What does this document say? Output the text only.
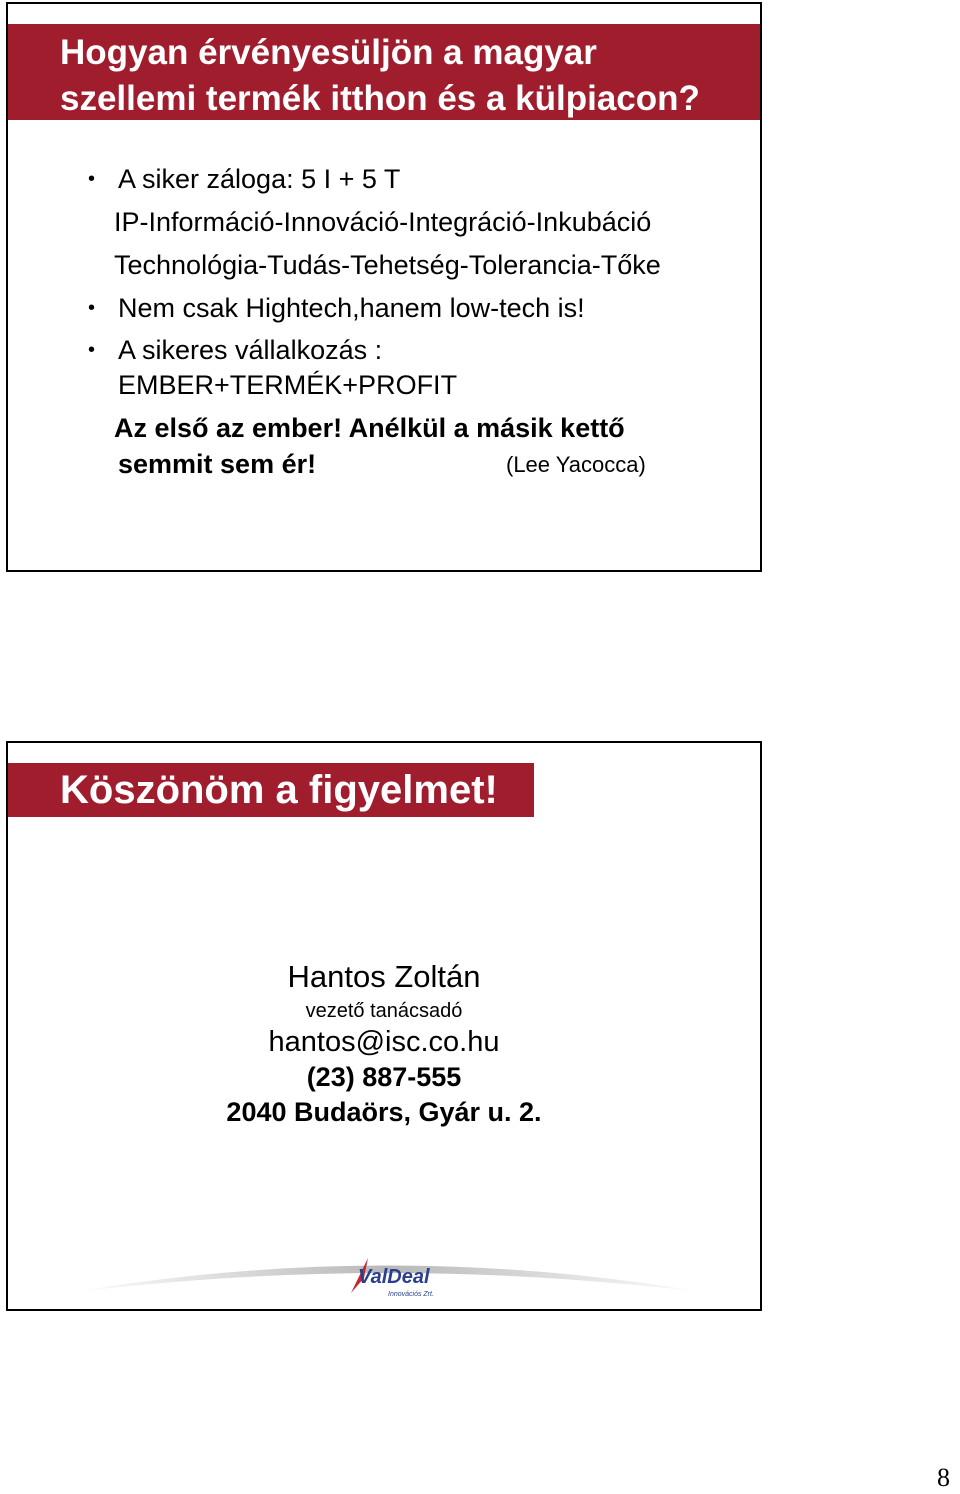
Hogyan érvényesüljön a magyar
szellemi termék itthon és a külpiacon?
• A siker záloga: 5 I + 5 T
IP-Információ-Innováció-Integráció-Inkubáció
Technológia-Tudás-Tehetség-Tolerancia-Tőke
• Nem csak Hightech,hanem low-tech is!
• A sikeres vállalkozás :
EMBER+TERMÉK+PROFIT
Az első az ember! Anélkül a másik kettő
semmit sem ér!	(Lee Yacocca)
Köszönöm a figyelmet!
Hantos Zoltán
vezető tanácsadó
hantos@isc.co.hu
(23) 887-555
2040 Budaörs, Gyár u. 2.
ValDeal
Innovációs Zrt.
8
